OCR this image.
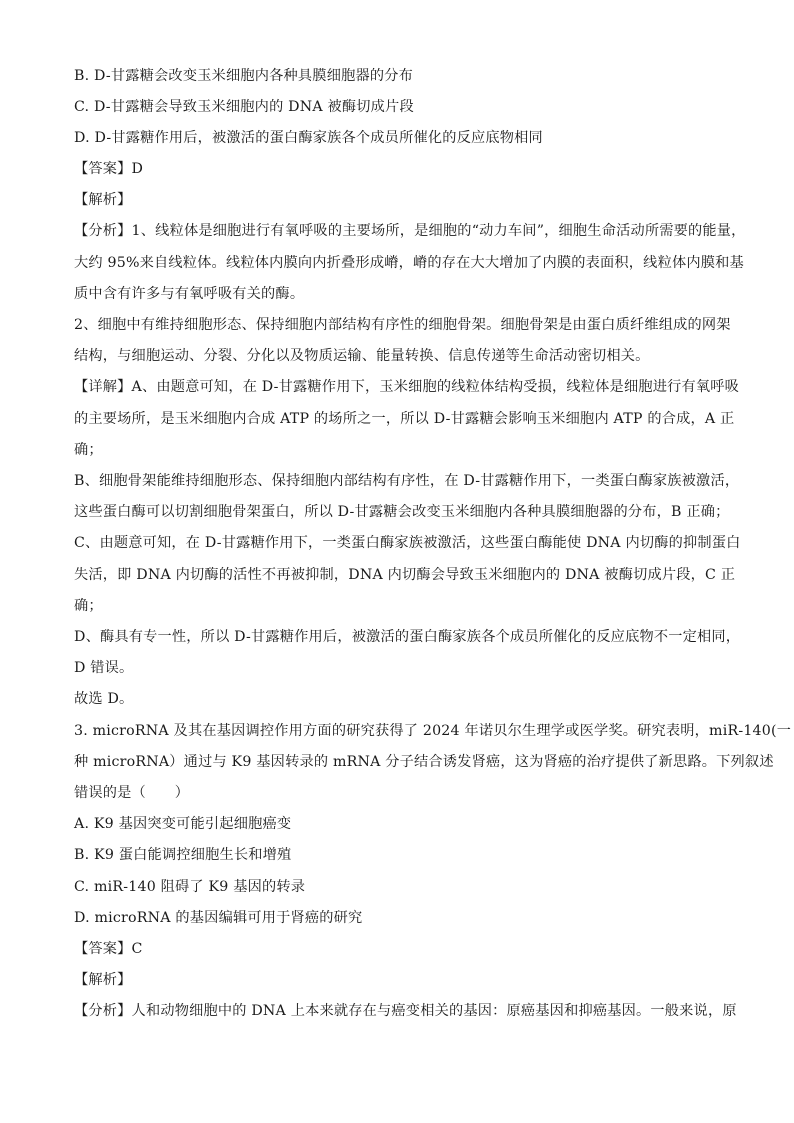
B. D-甘露糖会改变玉米细胞内各种具膜细胞器的分布
C. D-甘露糖会导致玉米细胞内的 DNA 被酶切成片段
D. D-甘露糖作用后，被激活的蛋白酶家族各个成员所催化的反应底物相同
【答案】D
【解析】
【分析】1、线粒体是细胞进行有氧呼吸的主要场所，是细胞的“动力车间”，细胞生命活动所需要的能量，
大约 95%来自线粒体。线粒体内膜向内折叠形成嵴，嵴的存在大大增加了内膜的表面积，线粒体内膜和基
质中含有许多与有氧呼吸有关的酶。
2、细胞中有维持细胞形态、保持细胞内部结构有序性的细胞骨架。细胞骨架是由蛋白质纤维组成的网架
结构，与细胞运动、分裂、分化以及物质运输、能量转换、信息传递等生命活动密切相关。
【详解】A、由题意可知，在 D-甘露糖作用下，玉米细胞的线粒体结构受损，线粒体是细胞进行有氧呼吸
的主要场所，是玉米细胞内合成 ATP 的场所之一，所以 D-甘露糖会影响玉米细胞内 ATP 的合成，A 正
确；
B、细胞骨架能维持细胞形态、保持细胞内部结构有序性，在 D-甘露糖作用下，一类蛋白酶家族被激活，
这些蛋白酶可以切割细胞骨架蛋白，所以 D-甘露糖会改变玉米细胞内各种具膜细胞器的分布，B 正确；
C、由题意可知，在 D-甘露糖作用下，一类蛋白酶家族被激活，这些蛋白酶能使 DNA 内切酶的抑制蛋白
失活，即 DNA 内切酶的活性不再被抑制，DNA 内切酶会导致玉米细胞内的 DNA 被酶切成片段，C 正
确；
D、酶具有专一性，所以 D-甘露糖作用后，被激活的蛋白酶家族各个成员所催化的反应底物不一定相同，
D 错误。
故选 D。
3. microRNA 及其在基因调控作用方面的研究获得了 2024 年诺贝尔生理学或医学奖。研究表明，miR-140(一
种 microRNA）通过与 K9 基因转录的 mRNA 分子结合诱发肾癌，这为肾癌的治疗提供了新思路。下列叙述
错误的是（　　）
A. K9 基因突变可能引起细胞癌变
B. K9 蛋白能调控细胞生长和增殖
C. miR-140 阻碍了 K9 基因的转录
D. microRNA 的基因编辑可用于肾癌的研究
【答案】C
【解析】
【分析】人和动物细胞中的 DNA 上本来就存在与癌变相关的基因：原癌基因和抑癌基因。一般来说，原
